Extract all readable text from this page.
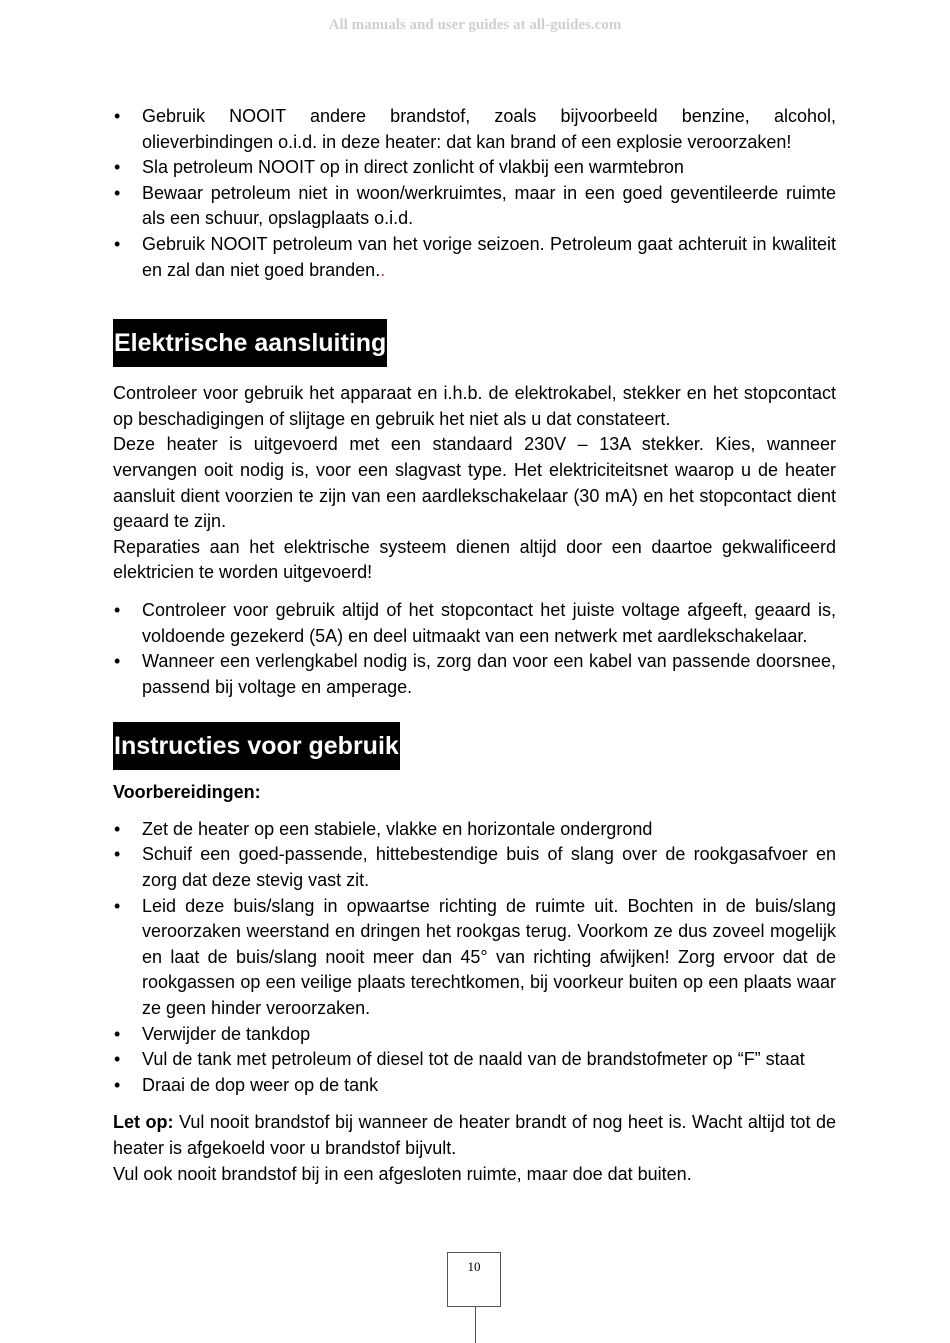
All manuals and user guides at all-guides.com
• Gebruik NOOIT andere brandstof, zoals bijvoorbeeld benzine, alcohol, olieverbindingen o.i.d. in deze heater: dat kan brand of een explosie veroorzaken!
• Sla petroleum NOOIT op in direct zonlicht of vlakbij een warmtebron
• Bewaar petroleum niet in woon/werkruimtes, maar in een goed geventileerde ruimte als een schuur, opslagplaats o.i.d.
• Gebruik NOOIT petroleum van het vorige seizoen. Petroleum gaat achteruit in kwaliteit en zal dan niet goed branden..
Elektrische aansluiting

Controleer voor gebruik het apparaat en i.h.b. de elektrokabel, stekker en het stopcontact op beschadigingen of slijtage en gebruik het niet als u dat constateert.

Deze heater is uitgevoerd met een standaard 230V – 13A stekker. Kies, wanneer vervangen ooit nodig is, voor een slagvast type. Het elektriciteitsnet waarop u de heater aansluit dient voorzien te zijn van een aardlekschakelaar (30 mA) en het stopcontact dient geaard te zijn.

Reparaties aan het elektrische systeem dienen altijd door een daartoe gekwalificeerd elektricien te worden uitgevoerd!

• Controleer voor gebruik altijd of het stopcontact het juiste voltage afgeeft, geaard is, voldoende gezekerd (5A) en deel uitmaakt van een netwerk met aardlekschakelaar.
• Wanneer een verlengkabel nodig is, zorg dan voor een kabel van passende doorsnee, passend bij voltage en amperage.
Instructies voor gebruik
Voorbereidingen:
• Zet de heater op een stabiele, vlakke en horizontale ondergrond
• Schuif een goed-passende, hittebestendige buis of slang over de rookgasafvoer en zorg dat deze stevig vast zit.
• Leid deze buis/slang in opwaartse richting de ruimte uit. Bochten in de buis/slang veroorzaken weerstand en dringen het rookgas terug. Voorkom ze dus zoveel mogelijk en laat de buis/slang nooit meer dan 45° van richting afwijken! Zorg ervoor dat de rookgassen op een veilige plaats terechtkomen, bij voorkeur buiten op een plaats waar ze geen hinder veroorzaken.
• Verwijder de tankdop
• Vul de tank met petroleum of diesel tot de naald van de brandstofmeter op “F” staat
• Draai de dop weer op de tank

Let op: Vul nooit brandstof bij wanneer de heater brandt of nog heet is. Wacht altijd tot de heater is afgekoeld voor u brandstof bijvult.

Vul ook nooit brandstof bij in een afgesloten ruimte, maar doe dat buiten.

10
